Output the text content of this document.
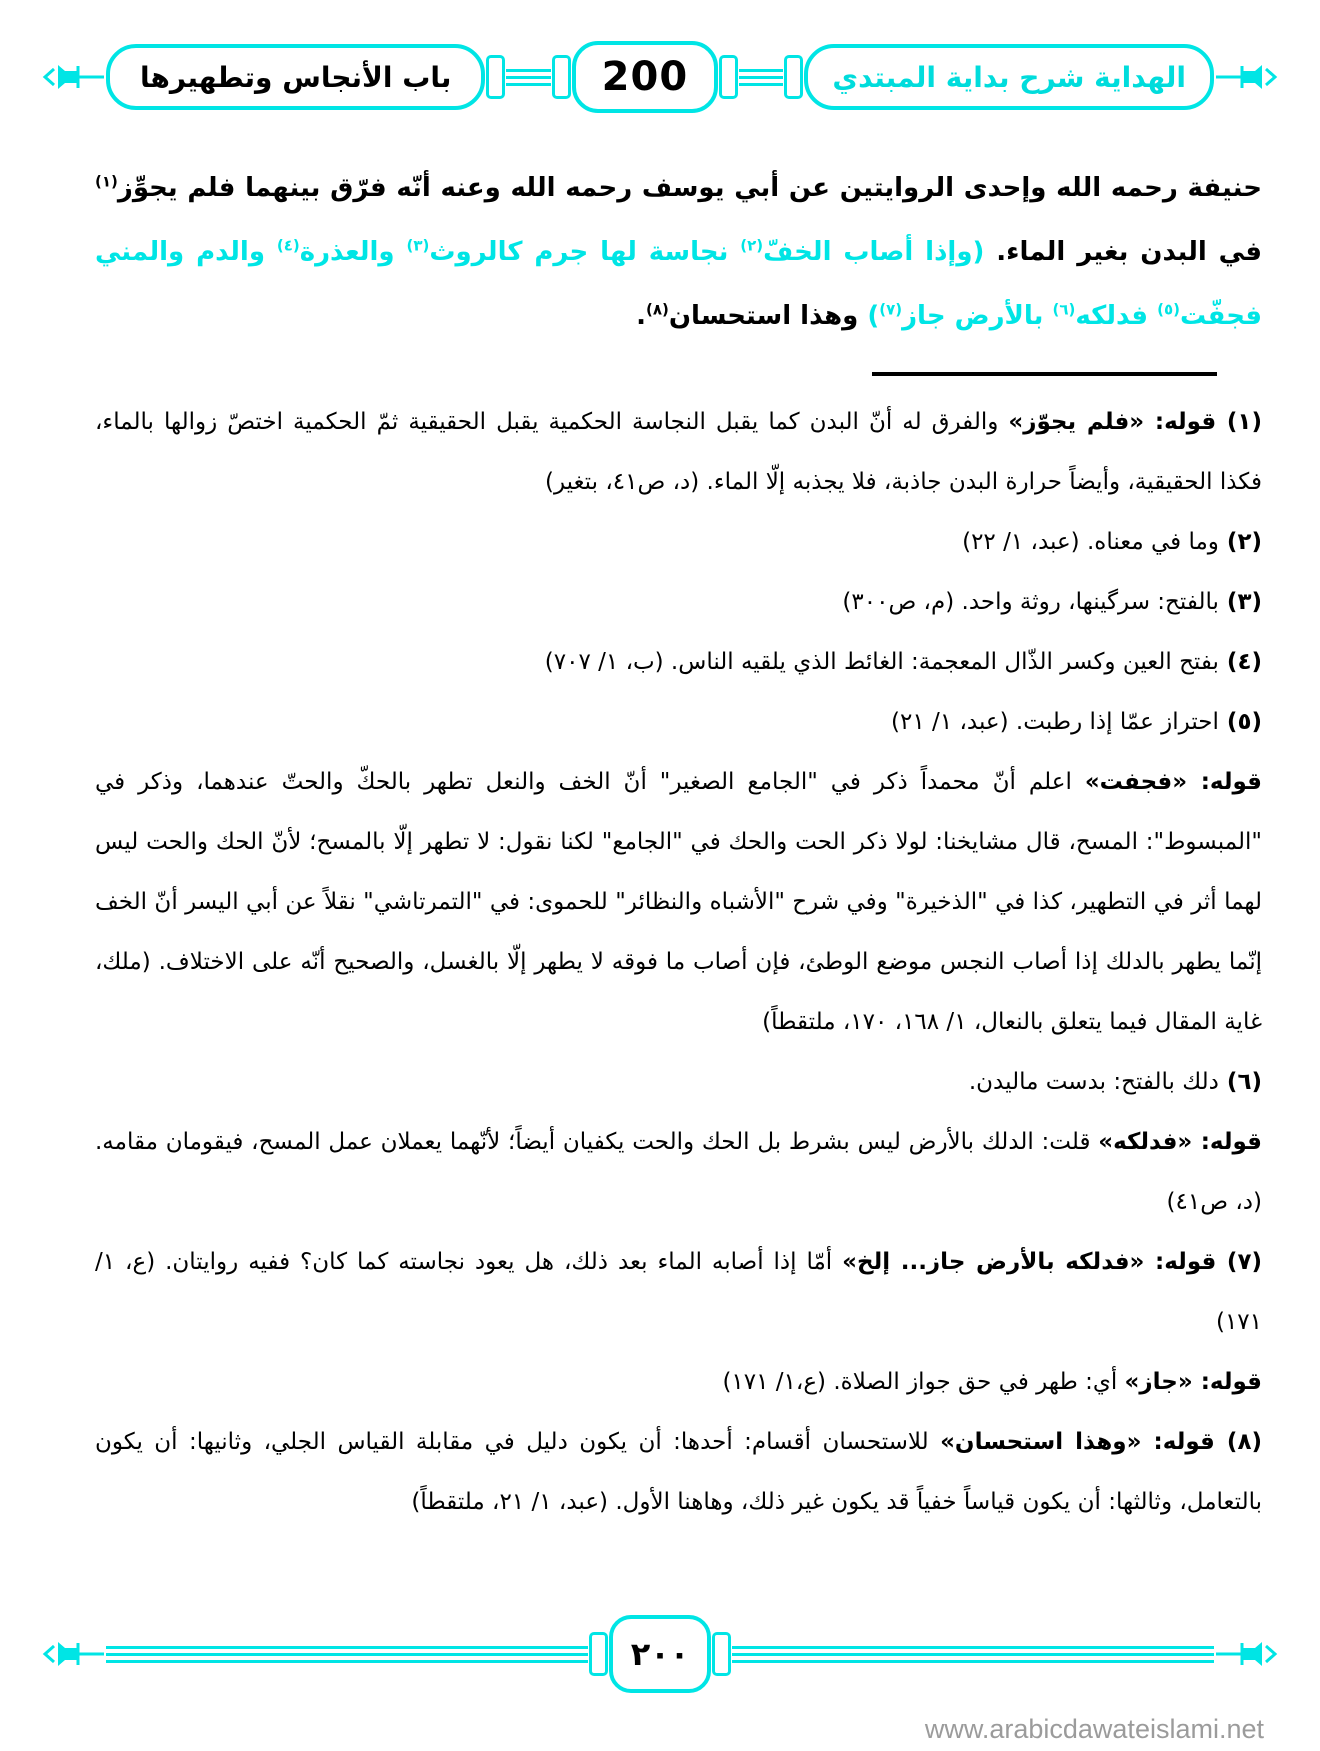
باب الأنجاس وتطهيرها	200	الهداية شرح بداية المبتدي

حنيفة رحمه الله وإحدى الروايتين عن أبي يوسف رحمه الله وعنه أنّه فرّق بينهما فلم يجوِّز$^{(١)}$ في البدن بغير الماء. (وإذا أصاب الخفّ$^{(٢)}$ نجاسة لها جرم كالروث$^{(٣)}$ والعذرة$^{(٤)}$ والدم والمني فجفّت$^{(٥)}$ فدلكه$^{(٦)}$ بالأرض جاز$^{(٧)}$) وهذا استحسان$^{(٨)}$.

(١) قوله: «فلم يجوّز» والفرق له أنّ البدن كما يقبل النجاسة الحكمية يقبل الحقيقية ثمّ الحكمية اختصّ زوالها بالماء، فكذا الحقيقية، وأيضاً حرارة البدن جاذبة، فلا يجذبه إلّا الماء. (د، ص٤١، بتغير)

(٢) وما في معناه. (عبد، ١/ ٢٢)

(٣) بالفتح: سرگينها، روثة واحد. (م، ص٣٠٠)

(٤) بفتح العين وكسر الذّال المعجمة: الغائط الذي يلقيه الناس. (ب، ١/ ٧٠٧)

(٥) احتراز عمّا إذا رطبت. (عبد، ١/ ٢١)

قوله: «فجفت» اعلم أنّ محمداً ذكر في "الجامع الصغير" أنّ الخف والنعل تطهر بالحكّ والحتّ عندهما، وذكر في "المبسوط": المسح، قال مشايخنا: لولا ذكر الحت والحك في "الجامع" لكنا نقول: لا تطهر إلّا بالمسح؛ لأنّ الحك والحت ليس لهما أثر في التطهير، كذا في "الذخيرة" وفي شرح "الأشباه والنظائر" للحموى: في "التمرتاشي" نقلاً عن أبي اليسر أنّ الخف إنّما يطهر بالدلك إذا أصاب النجس موضع الوطئ، فإن أصاب ما فوقه لا يطهر إلّا بالغسل، والصحيح أنّه على الاختلاف. (ملك، غاية المقال فيما يتعلق بالنعال، ١/ ١٦٨، ١٧٠، ملتقطاً)

(٦) دلك بالفتح: بدست ماليدن.

قوله: «فدلكه» قلت: الدلك بالأرض ليس بشرط بل الحك والحت يكفيان أيضاً؛ لأنّهما يعملان عمل المسح، فيقومان مقامه. (د، ص٤١)

(٧) قوله: «فدلكه بالأرض جاز... إلخ» أمّا إذا أصابه الماء بعد ذلك، هل يعود نجاسته كما كان؟ ففيه روايتان. (ع، ١/ ١٧١)

قوله: «جاز» أي: طهر في حق جواز الصلاة. (ع،١/ ١٧١)

(٨) قوله: «وهذا استحسان» للاستحسان أقسام: أحدها: أن يكون دليل في مقابلة القياس الجلي، وثانيها: أن يكون بالتعامل، وثالثها: أن يكون قياساً خفياً قد يكون غير ذلك، وهاهنا الأول. (عبد، ١/ ٢١، ملتقطاً)

٢٠٠
www.arabicdawateislami.net
